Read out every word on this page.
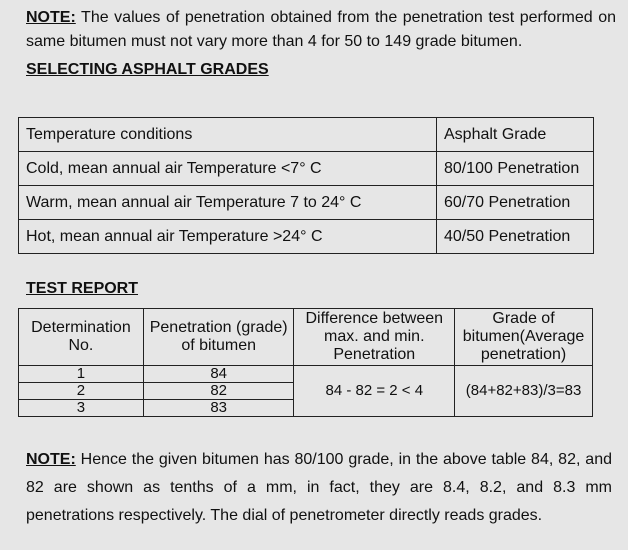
NOTE: The values of penetration obtained from the penetration test performed on same bitumen must not vary more than 4 for 50 to 149 grade bitumen.
SELECTING ASPHALT GRADES
Temperature conditions	Asphalt Grade
Cold, mean annual air Temperature <7° C	80/100 Penetration
Warm, mean annual air Temperature 7 to 24° C	60/70 Penetration
Hot, mean annual air Temperature >24° C	40/50 Penetration
TEST REPORT
Determination No.	Penetration (grade) of bitumen	Difference between max. and min. Penetration	Grade of bitumen(Average penetration)
1	84	84 - 82 = 2 < 4	(84+82+83)/3=83
2	82		
3	83		
NOTE: Hence the given bitumen has 80/100 grade, in the above table 84, 82, and 82 are shown as tenths of a mm, in fact, they are 8.4, 8.2, and 8.3 mm penetrations respectively. The dial of penetrometer directly reads grades.
